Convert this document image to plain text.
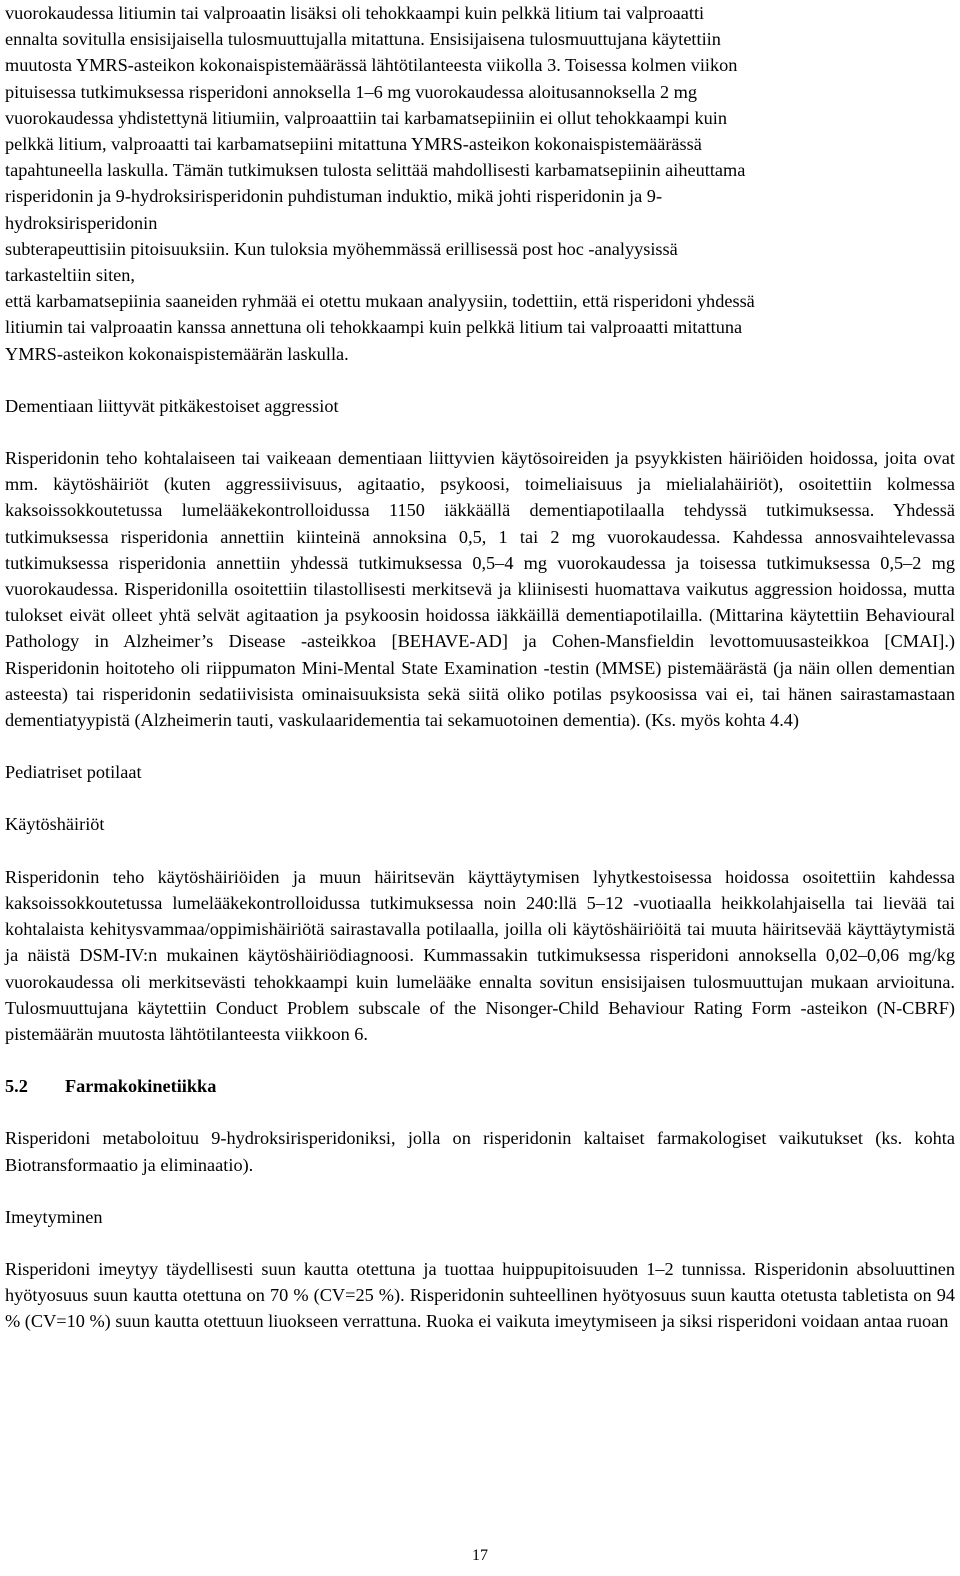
vuorokaudessa litiumin tai valproaatin lisäksi oli tehokkaampi kuin pelkkä litium tai valproaatti
ennalta sovitulla ensisijaisella tulosmuuttujalla mitattuna. Ensisijaisena tulosmuuttujana käytettiin
muutosta YMRS-asteikon kokonaispistemäärässä lähtötilanteesta viikolla 3. Toisessa kolmen viikon
pituisessa tutkimuksessa risperidoni annoksella 1–6 mg vuorokaudessa aloitusannoksella 2 mg
vuorokaudessa yhdistettynä litiumiin, valproaattiin tai karbamatsepiiniin ei ollut tehokkaampi kuin
pelkkä litium, valproaatti tai karbamatsepiini mitattuna YMRS-asteikon kokonaispistemäärässä
tapahtuneella laskulla. Tämän tutkimuksen tulosta selittää mahdollisesti karbamatsepiinin aiheuttama
risperidonin ja 9-hydroksirisperidonin puhdistuman induktio, mikä johti risperidonin ja 9-
hydroksirisperidonin
subterapeuttisiin pitoisuuksiin. Kun tuloksia myöhemmässä erillisessä post hoc -analyysissä
tarkasteltiin siten,
että karbamatsepiinia saaneiden ryhmää ei otettu mukaan analyysiin, todettiin, että risperidoni yhdessä
litiumin tai valproaatin kanssa annettuna oli tehokkaampi kuin pelkkä litium tai valproaatti mitattuna
YMRS-asteikon kokonaispistemäärän laskulla.
Dementiaan liittyvät pitkäkestoiset aggressiot

Risperidonin teho kohtalaiseen tai vaikeaan dementiaan liittyvien käytösoireiden ja psyykkisten häiriöiden hoidossa, joita ovat mm. käytöshäiriöt (kuten aggressiivisuus, agitaatio, psykoosi, toimeliaisuus ja mielialahäiriöt), osoitettiin kolmessa kaksoissokkoutetussa lumelääkekontrolloidussa 1150 iäkkäällä dementiapotilaalla tehdyssä tutkimuksessa. Yhdessä tutkimuksessa risperidonia annettiin kiinteinä annoksina 0,5, 1 tai 2 mg vuorokaudessa. Kahdessa annosvaihtelevassa tutkimuksessa risperidonia annettiin yhdessä tutkimuksessa 0,5–4 mg vuorokaudessa ja toisessa tutkimuksessa 0,5–2 mg vuorokaudessa. Risperidonilla osoitettiin tilastollisesti merkitsevä ja kliinisesti huomattava vaikutus aggression hoidossa, mutta tulokset eivät olleet yhtä selvät agitaation ja psykoosin hoidossa iäkkäillä dementiapotilailla. (Mittarina käytettiin Behavioural Pathology in Alzheimer’s Disease -asteikkoa [BEHAVE-AD] ja Cohen-Mansfieldin levottomuusasteikkoa [CMAI].) Risperidonin hoitoteho oli riippumaton Mini-Mental State Examination -testin (MMSE) pistemäärästä (ja näin ollen dementian asteesta) tai risperidonin sedatiivisista ominaisuuksista sekä siitä oliko potilas psykoosissa vai ei, tai hänen sairastamastaan dementiatyypistä (Alzheimerin tauti, vaskulaaridementia tai sekamuotoinen dementia). (Ks. myös kohta 4.4)

Pediatriset potilaat
Käytöshäiriöt

Risperidonin teho käytöshäiriöiden ja muun häiritsevän käyttäytymisen lyhytkestoisessa hoidossa osoitettiin kahdessa kaksoissokkoutetussa lumelääkekontrolloidussa tutkimuksessa noin 240:llä 5–12 -vuotiaalla heikkolahjaisella tai lievää tai kohtalaista kehitysvammaa/oppimishäiriötä sairastavalla potilaalla, joilla oli käytöshäiriöitä tai muuta häiritsevää käyttäytymistä ja näistä DSM-IV:n mukainen käytöshäiriödiagnoosi. Kummassakin tutkimuksessa risperidoni annoksella 0,02–0,06 mg/kg vuorokaudessa oli merkitsevästi tehokkaampi kuin lumelääke ennalta sovitun ensisijaisen tulosmuuttujan mukaan arvioituna. Tulosmuuttujana käytettiin Conduct Problem subscale of the Nisonger-Child Behaviour Rating Form -asteikon (N-CBRF) pistemäärän muutosta lähtötilanteesta viikkoon 6.

5.2 Farmakokinetiikka

Risperidoni metaboloituu 9-hydroksirisperidoniksi, jolla on risperidonin kaltaiset farmakologiset vaikutukset (ks. kohta Biotransformaatio ja eliminaatio).

Imeytyminen

Risperidoni imeytyy täydellisesti suun kautta otettuna ja tuottaa huippupitoisuuden 1–2 tunnissa. Risperidonin absoluuttinen hyötyosuus suun kautta otettuna on 70 % (CV=25 %). Risperidonin suhteellinen hyötyosuus suun kautta otetusta tabletista on 94 % (CV=10 %) suun kautta otettuun liuokseen verrattuna. Ruoka ei vaikuta imeytymiseen ja siksi risperidoni voidaan antaa ruoan

17
